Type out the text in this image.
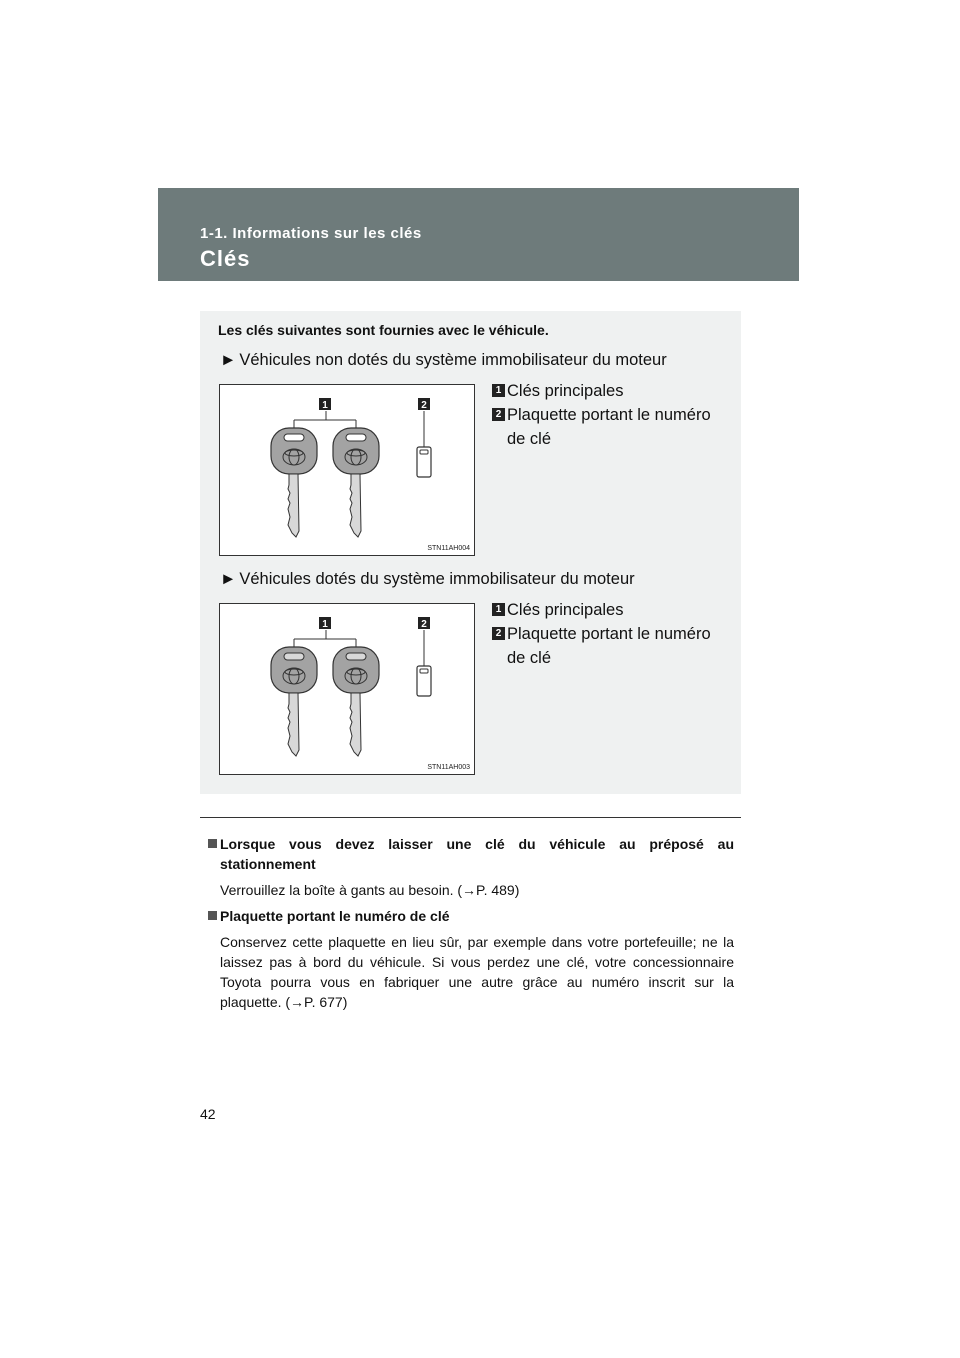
1-1. Informations sur les clés
Clés
Les clés suivantes sont fournies avec le véhicule.
► Véhicules non dotés du système immobilisateur du moteur
1	2
STN11AH004
1 Clés principales
2 Plaquette portant le numéro
de clé
► Véhicules dotés du système immobilisateur du moteur
1	2
STN11AH003
1 Clés principales
2 Plaquette portant le numéro
de clé
Lorsque vous devez laisser une clé du véhicule au préposé au stationnement
Verrouillez la boîte à gants au besoin. (→P. 489)
Plaquette portant le numéro de clé
Conservez cette plaquette en lieu sûr, par exemple dans votre portefeuille; ne la laissez pas à bord du véhicule. Si vous perdez une clé, votre concessionnaire Toyota pourra vous en fabriquer une autre grâce au numéro inscrit sur la plaquette. (→P. 677)
42
